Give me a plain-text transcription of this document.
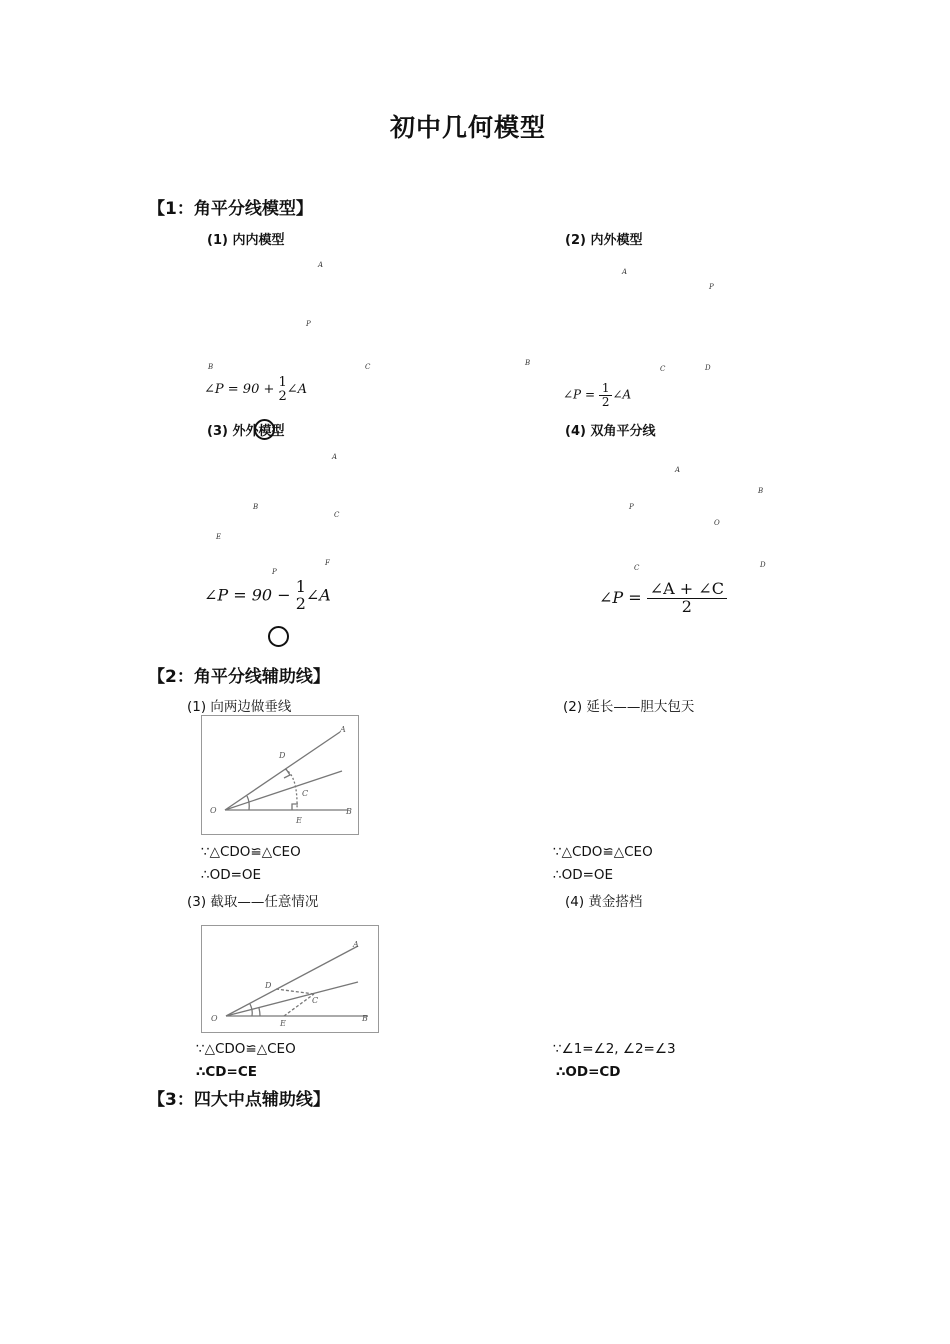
初中几何模型
【1：角平分线模型】
(1) 内内模型	(2) 内外模型
A
P
B	C
A
P
B
C	D
∠P = 90 + 1
2 ∠A	∠P = $\frac{1}{2}$ ∠A
(3) 外外模型	(4) 双角平分线
A
B
C
E
F
P
A
B
P
O
C	D
∠P = 90 − 1
2 ∠A	∠P = $\frac{\angle A + \angle C}{2}$
【2：角平分线辅助线】
(1) 向两边做垂线	(2) 延长——胆大包天
A
D
C
O
E
B
∵△CDO≌△CEO
∴OD=OE
∵△CDO≌△CEO
∴OD=OE
(3) 截取——任意情况	(4) 黄金搭档
A
D
C
O
E
B
∵△CDO≌△CEO
∴CD=CE
∵∠1=∠2, ∠2=∠3
∴OD=CD
【3：四大中点辅助线】
